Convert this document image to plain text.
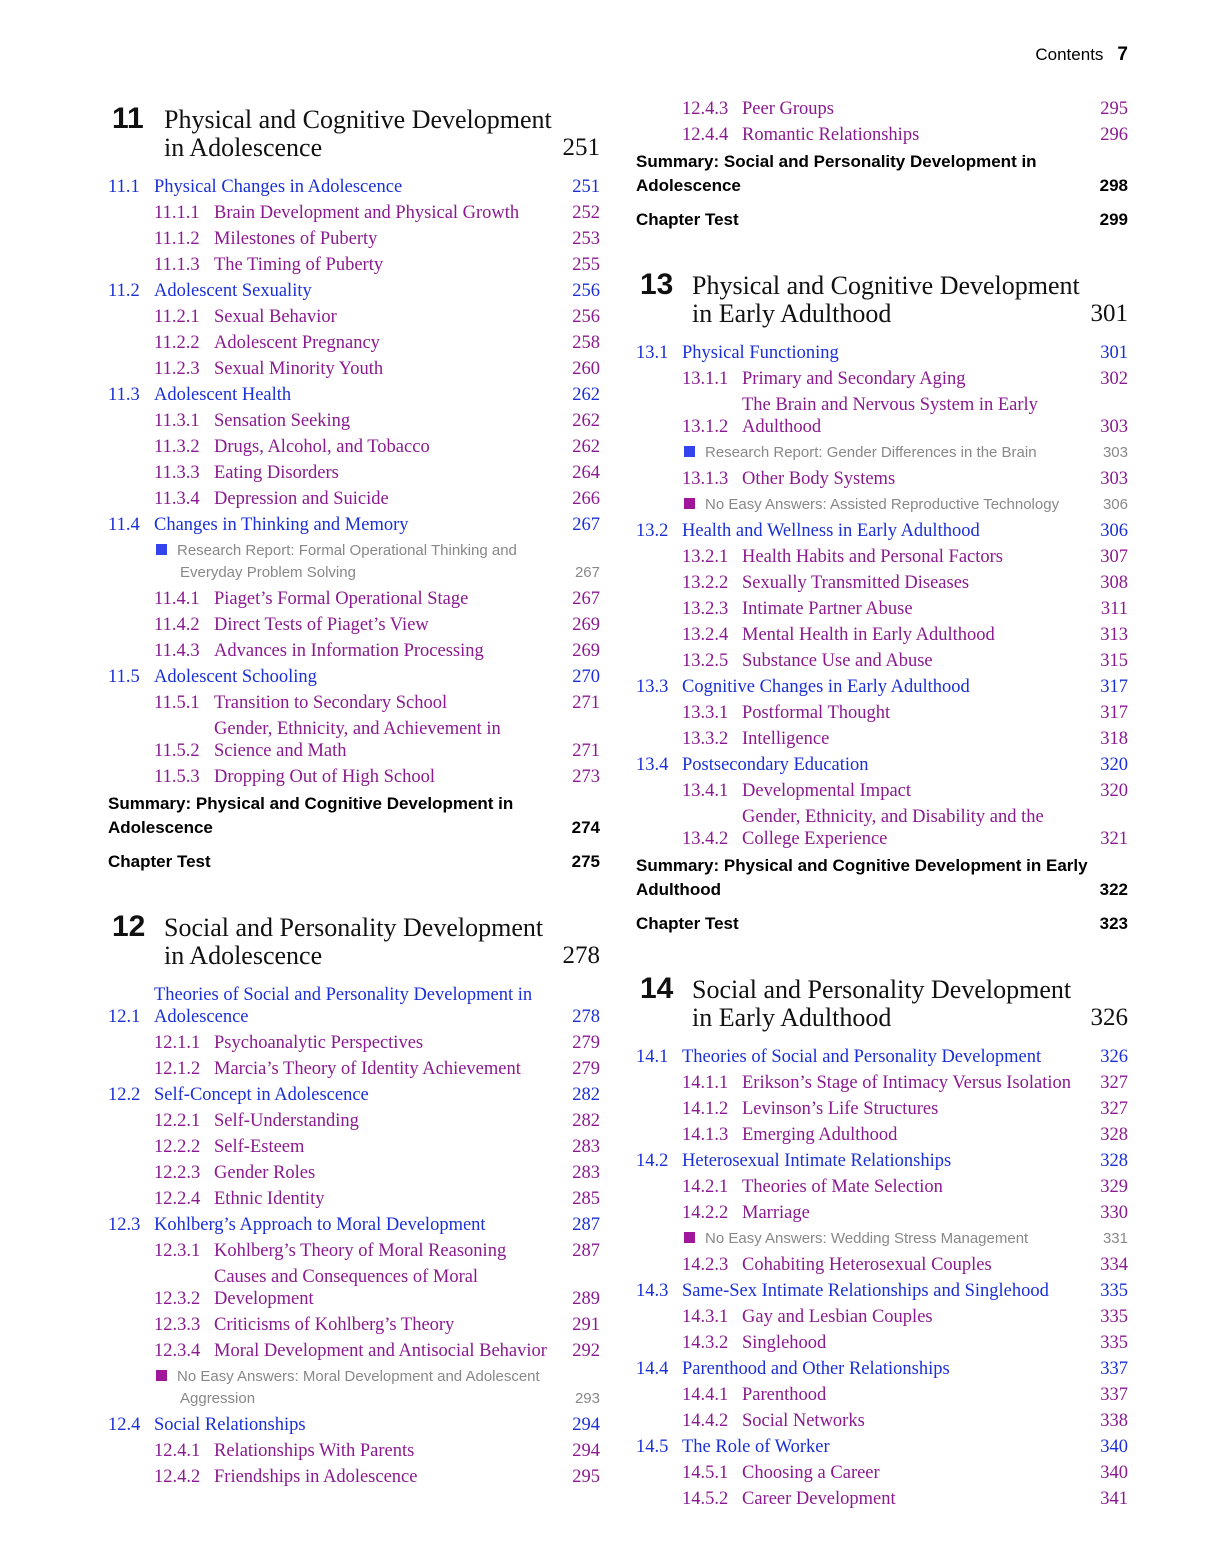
Contents 7
11 Physical and Cognitive Development
in Adolescence	251
11.1 Physical Changes in Adolescence	251
11.1.1 Brain Development and Physical Growth	252
11.1.2 Milestones of Puberty	253
11.1.3 The Timing of Puberty	255
11.2 Adolescent Sexuality	256
11.2.1 Sexual Behavior	256
11.2.2 Adolescent Pregnancy	258
11.2.3 Sexual Minority Youth	260
11.3 Adolescent Health	262
11.3.1 Sensation Seeking	262
11.3.2 Drugs, Alcohol, and Tobacco	262
11.3.3 Eating Disorders	264
11.3.4 Depression and Suicide	266
11.4 Changes in Thinking and Memory	267
Research Report: Formal Operational Thinking and Everyday Problem Solving	267
11.4.1 Piaget’s Formal Operational Stage	267
11.4.2 Direct Tests of Piaget’s View	269
11.4.3 Advances in Information Processing	269
11.5 Adolescent Schooling	270
11.5.1 Transition to Secondary School	271
11.5.2
Gender, Ethnicity, and Achievement in Science and Math	271
11.5.3 Dropping Out of High School	273
Summary: Physical and Cognitive Development in Adolescence	274
Chapter Test	275
12 Social and Personality Development
in Adolescence	278
12.1
Theories of Social and Personality Development in Adolescence	278
12.1.1 Psychoanalytic Perspectives	279
12.1.2 Marcia’s Theory of Identity Achievement	279
12.2 Self-Concept in Adolescence	282
12.2.1 Self-Understanding	282
12.2.2 Self-Esteem	283
12.2.3 Gender Roles	283
12.2.4 Ethnic Identity	285
12.3 Kohlberg’s Approach to Moral Development	287
12.3.1 Kohlberg’s Theory of Moral Reasoning	287
12.3.2
Causes and Consequences of Moral Development	289
12.3.3 Criticisms of Kohlberg’s Theory	291
12.3.4 Moral Development and Antisocial Behavior	292
No Easy Answers: Moral Development and Adolescent Aggression	293
12.4 Social Relationships	294
12.4.1 Relationships With Parents	294
12.4.2 Friendships in Adolescence	295
12.4.3 Peer Groups	295
12.4.4 Romantic Relationships	296
Summary: Social and Personality Development in Adolescence	298
Chapter Test	299
13 Physical and Cognitive Development
in Early Adulthood	301
13.1 Physical Functioning	301
13.1.1 Primary and Secondary Aging	302
13.1.2
The Brain and Nervous System in Early Adulthood	303
Research Report: Gender Differences in the Brain	303
13.1.3 Other Body Systems	303
No Easy Answers: Assisted Reproductive Technology	306
13.2 Health and Wellness in Early Adulthood	306
13.2.1 Health Habits and Personal Factors	307
13.2.2 Sexually Transmitted Diseases	308
13.2.3 Intimate Partner Abuse	311
13.2.4 Mental Health in Early Adulthood	313
13.2.5 Substance Use and Abuse	315
13.3 Cognitive Changes in Early Adulthood	317
13.3.1 Postformal Thought	317
13.3.2 Intelligence	318
13.4 Postsecondary Education	320
13.4.1 Developmental Impact	320
13.4.2
Gender, Ethnicity, and Disability and the College Experience	321
Summary: Physical and Cognitive Development in Early Adulthood	322
Chapter Test	323
14 Social and Personality Development
in Early Adulthood	326
14.1 Theories of Social and Personality Development	326
14.1.1 Erikson’s Stage of Intimacy Versus Isolation	327
14.1.2 Levinson’s Life Structures	327
14.1.3 Emerging Adulthood	328
14.2 Heterosexual Intimate Relationships	328
14.2.1 Theories of Mate Selection	329
14.2.2 Marriage	330
No Easy Answers: Wedding Stress Management	331
14.2.3 Cohabiting Heterosexual Couples	334
14.3 Same-Sex Intimate Relationships and Singlehood	335
14.3.1 Gay and Lesbian Couples	335
14.3.2 Singlehood	335
14.4 Parenthood and Other Relationships	337
14.4.1 Parenthood	337
14.4.2 Social Networks	338
14.5 The Role of Worker	340
14.5.1 Choosing a Career	340
14.5.2 Career Development	341
